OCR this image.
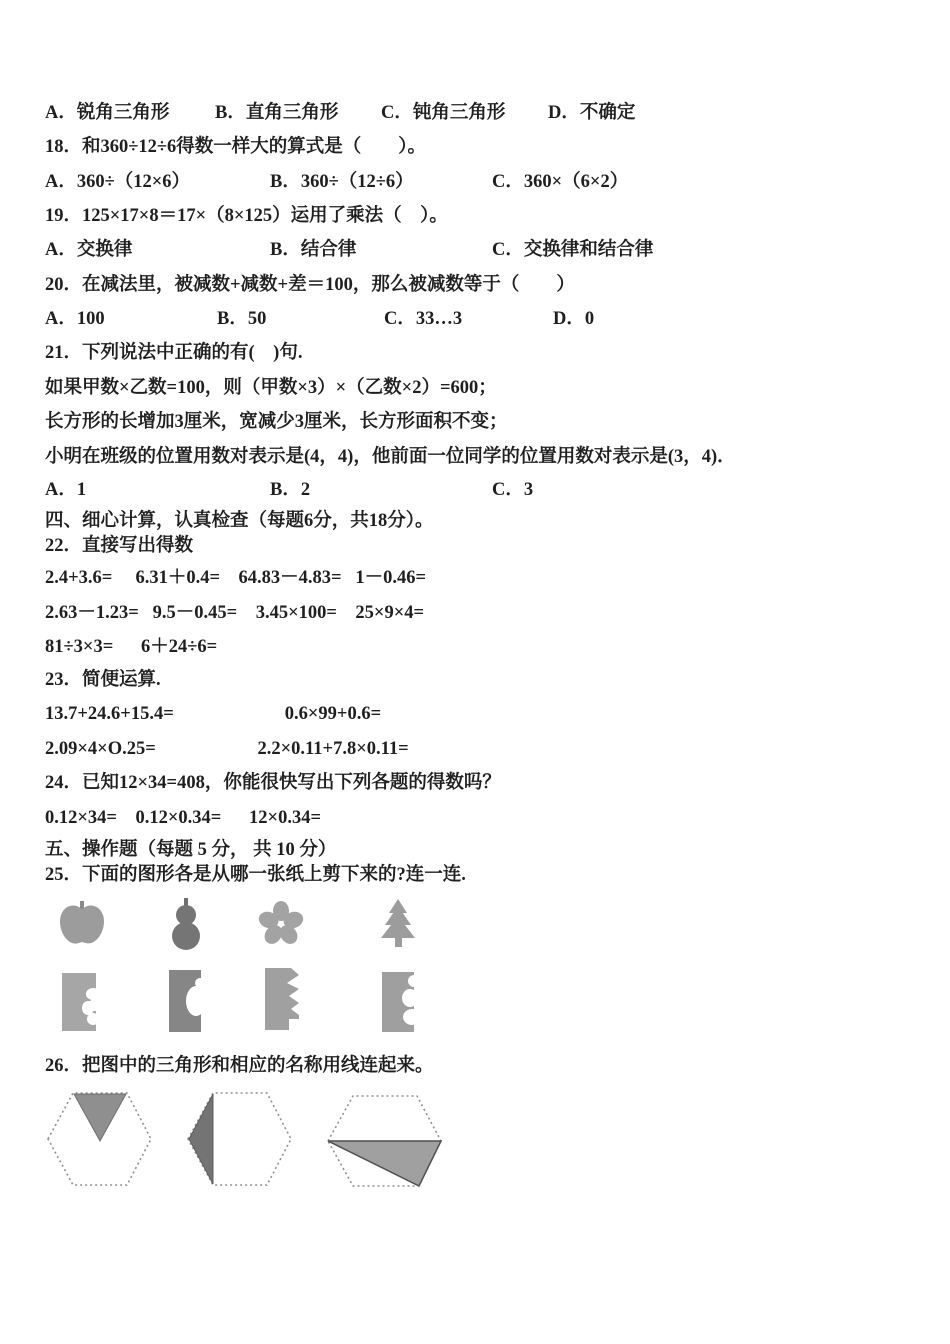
A．锐角三角形

B．直角三角形

C．钝角三角形

D．不确定

18．和360÷12÷6得数一样大的算式是（　　）。

A．360÷（12×6）

	B．360÷（12÷6）

	C．360×（6×2）

19．125×17×8＝17×（8×125）运用了乘法（　）。

A．交换律

	B．结合律

	C．交换律和结合律

20．在减法里，被减数+减数+差＝100，那么被减数等于（　　）

A．100

	B．50

	C．33…3

	D．0

21．下列说法中正确的有(　)句.

如果甲数×乙数=100，则（甲数×3）×（乙数×2）=600；

长方形的长增加3厘米，宽减少3厘米，长方形面积不变；

小明在班级的位置用数对表示是(4，4)，他前面一位同学的位置用数对表示是(3，4)．

A．1

	B．2

	C．3

四、细心计算，认真检查（每题6分，共18分）。

22．直接写出得数

2.4+3.6=     6.31＋0.4=    64.83－4.83=   1－0.46=

2.63－1.23=   9.5－0.45=    3.45×100=    25×9×4=

81÷3×3=      6＋24÷6=

23．简便运算.

13.7+24.6+15.4=                        0.6×99+0.6=

2.09×4×O.25=                      2.2×0.11+7.8×0.11=

24．已知12×34=408，你能很快写出下列各题的得数吗？

0.12×34=    0.12×0.34=      12×0.34=

五、操作题（每题 5 分， 共 10 分）

25．下面的图形各是从哪一张纸上剪下来的?连一连.

26．把图中的三角形和相应的名称用线连起来。
